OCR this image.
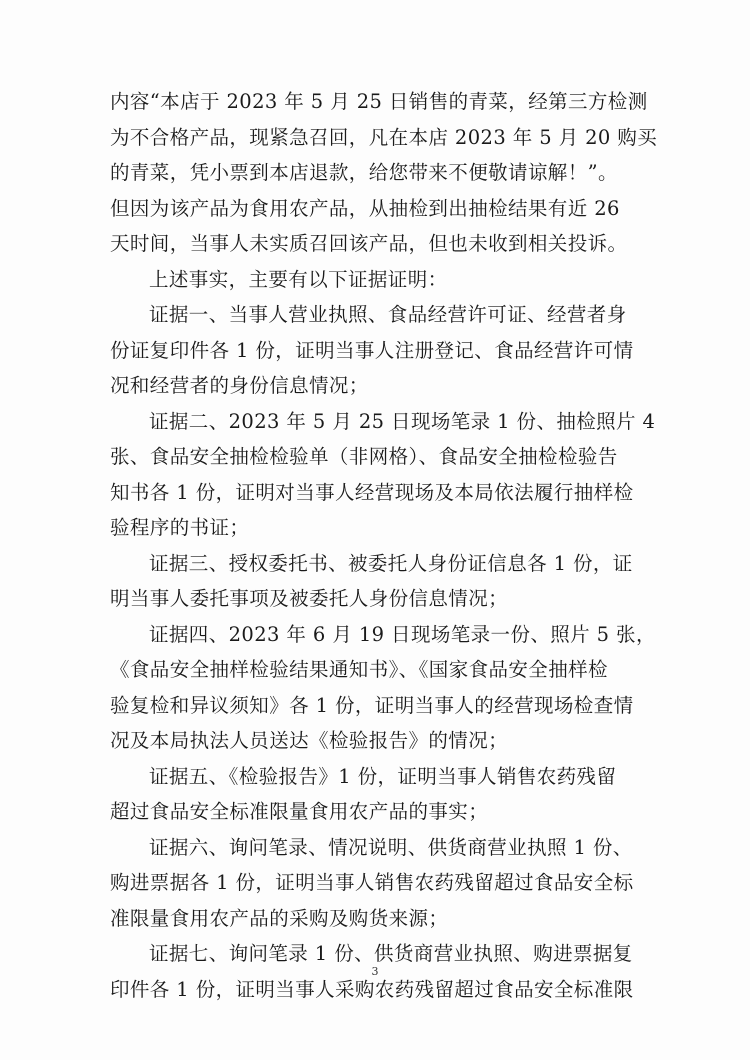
内容“本店于 2023 年 5 月 25 日销售的青菜，经第三方检测
为不合格产品，现紧急召回，凡在本店 2023 年 5 月 20 购买
的青菜，凭小票到本店退款，给您带来不便敬请谅解！”。
但因为该产品为食用农产品，从抽检到出抽检结果有近 26
天时间，当事人未实质召回该产品，但也未收到相关投诉。
上述事实，主要有以下证据证明：
证据一、当事人营业执照、食品经营许可证、经营者身
份证复印件各 1 份，证明当事人注册登记、食品经营许可情
况和经营者的身份信息情况；
证据二、2023 年 5 月 25 日现场笔录 1 份、抽检照片 4
张、食品安全抽检检验单（非网格）、食品安全抽检检验告
知书各 1 份，证明对当事人经营现场及本局依法履行抽样检
验程序的书证；
证据三、授权委托书、被委托人身份证信息各 1 份，证
明当事人委托事项及被委托人身份信息情况；
证据四、2023 年 6 月 19 日现场笔录一份、照片 5 张，
《食品安全抽样检验结果通知书》、《国家食品安全抽样检
验复检和异议须知》各 1 份，证明当事人的经营现场检查情
况及本局执法人员送达《检验报告》的情况；
证据五、《检验报告》1 份，证明当事人销售农药残留
超过食品安全标准限量食用农产品的事实；
证据六、询问笔录、情况说明、供货商营业执照 1 份、
购进票据各 1 份，证明当事人销售农药残留超过食品安全标
准限量食用农产品的采购及购货来源；
证据七、询问笔录 1 份、供货商营业执照、购进票据复
印件各 1 份，证明当事人采购农药残留超过食品安全标准限
3
